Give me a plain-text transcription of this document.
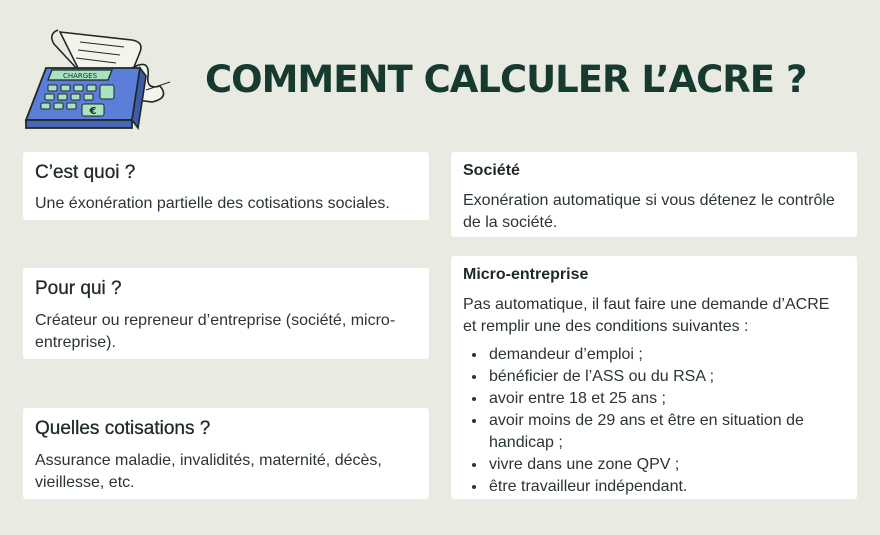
€
CHARGES	COMMENT CALCULER L’ACRE ?
C’est quoi ?

Une éxonération partielle des cotisations sociales.

Pour qui ?

Créateur ou repreneur d’entreprise (société, micro-entreprise).

Quelles cotisations ?

Assurance maladie, invalidités, maternité, décès, vieillesse, etc.

Société

Exonération automatique si vous détenez le contrôle de la société.

Micro-entreprise

Pas automatique, il faut faire une demande d’ACRE et remplir une des conditions suivantes :

• demandeur d’emploi ;
• bénéficier de l’ASS ou du RSA ;
• avoir entre 18 et 25 ans ;
• avoir moins de 29 ans et être en situation de handicap ;
• vivre dans une zone QPV ;
• être travailleur indépendant.
